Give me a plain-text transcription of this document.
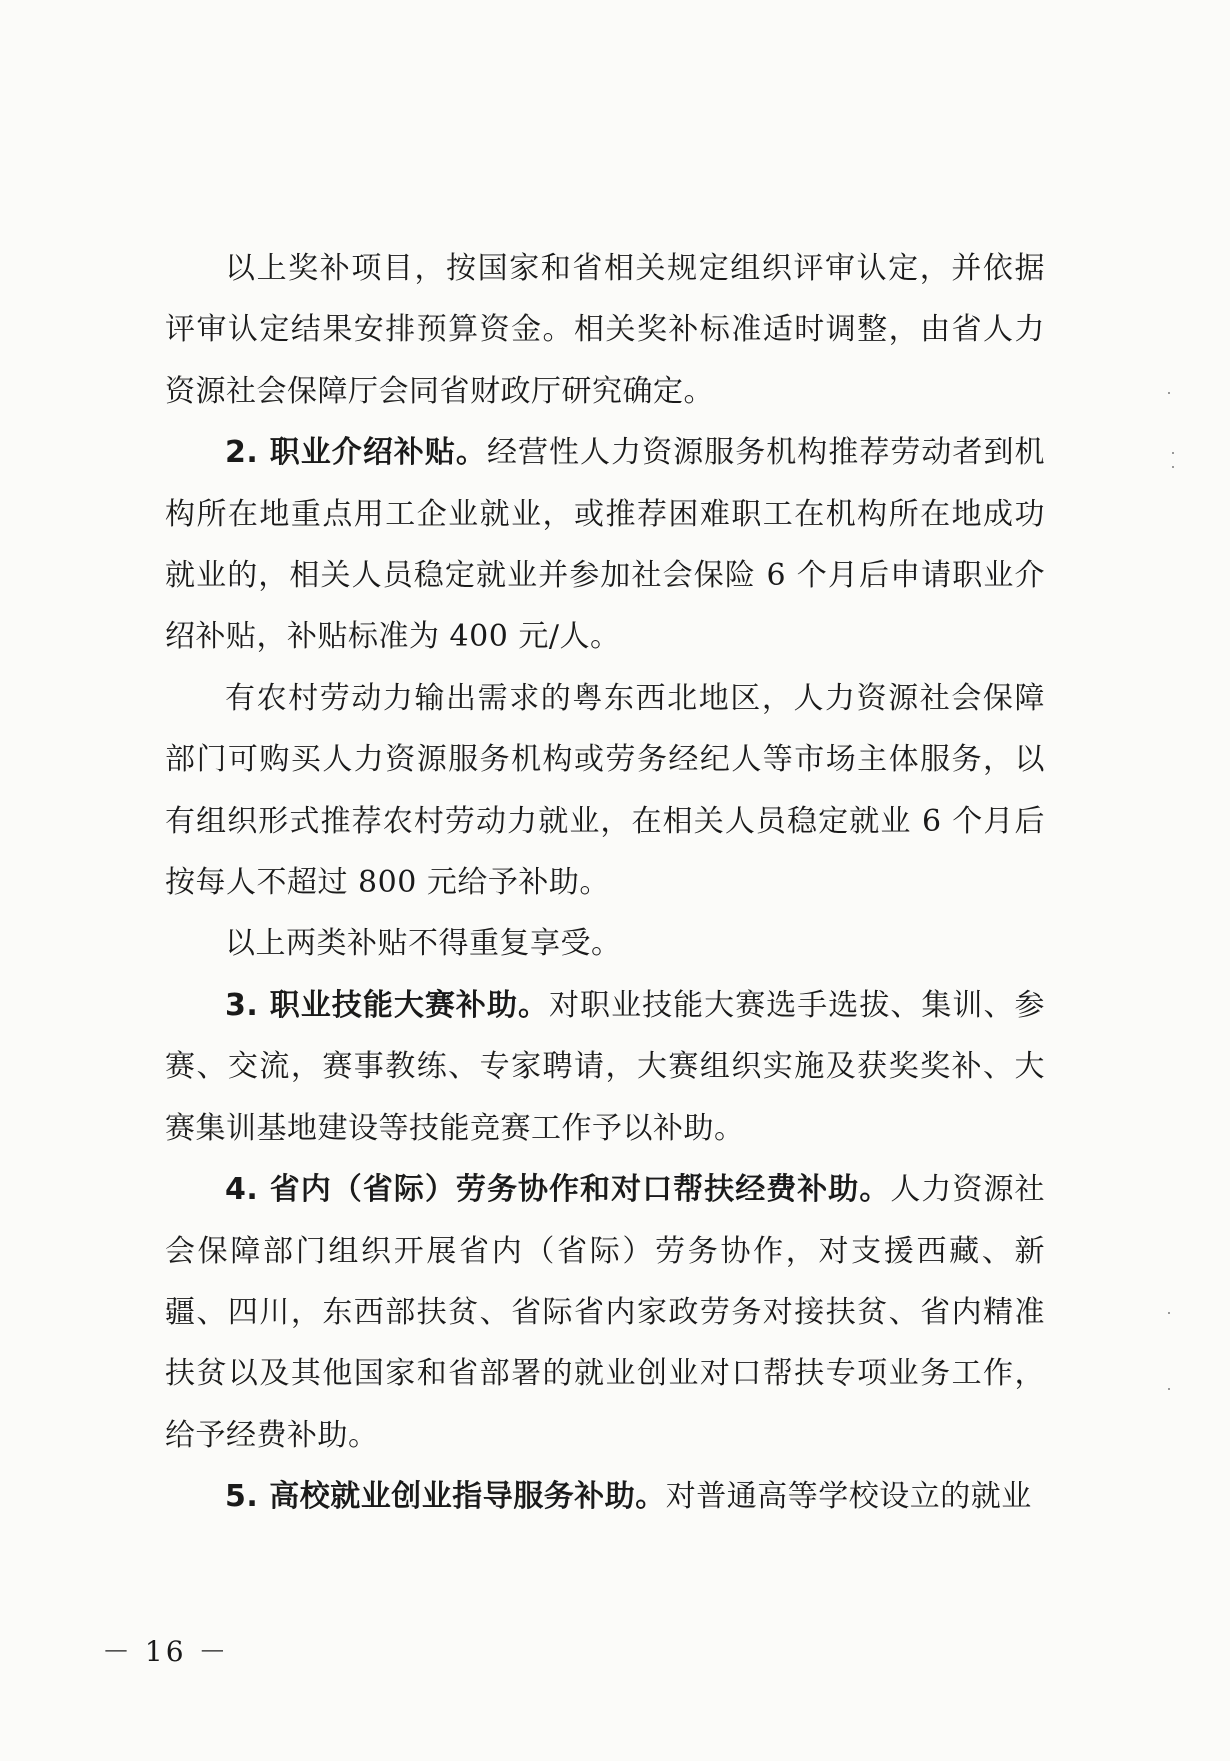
以上奖补项目，按国家和省相关规定组织评审认定，并依据评审认定结果安排预算资金。相关奖补标准适时调整，由省人力资源社会保障厅会同省财政厅研究确定。

2. 职业介绍补贴。经营性人力资源服务机构推荐劳动者到机构所在地重点用工企业就业，或推荐困难职工在机构所在地成功就业的，相关人员稳定就业并参加社会保险 6 个月后申请职业介绍补贴，补贴标准为 400 元/人。

有农村劳动力输出需求的粤东西北地区，人力资源社会保障部门可购买人力资源服务机构或劳务经纪人等市场主体服务，以有组织形式推荐农村劳动力就业，在相关人员稳定就业 6 个月后按每人不超过 800 元给予补助。

以上两类补贴不得重复享受。

3. 职业技能大赛补助。对职业技能大赛选手选拔、集训、参赛、交流，赛事教练、专家聘请，大赛组织实施及获奖奖补、大赛集训基地建设等技能竞赛工作予以补助。

4. 省内（省际）劳务协作和对口帮扶经费补助。人力资源社会保障部门组织开展省内（省际）劳务协作，对支援西藏、新疆、四川，东西部扶贫、省际省内家政劳务对接扶贫、省内精准扶贫以及其他国家和省部署的就业创业对口帮扶专项业务工作，给予经费补助。

5. 高校就业创业指导服务补助。对普通高等学校设立的就业

－ 16 －
